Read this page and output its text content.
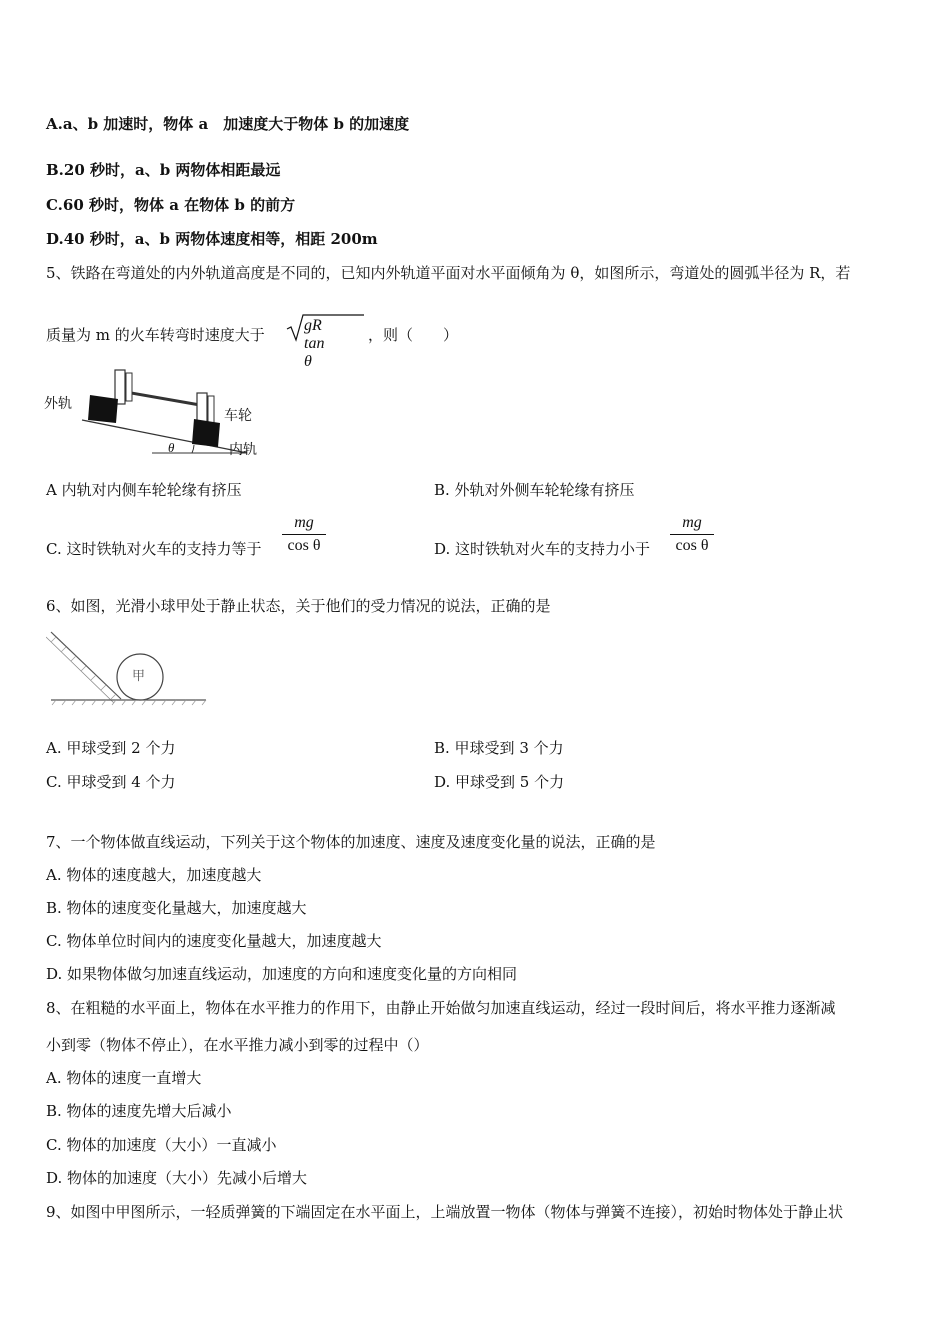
A.a、b 加速时，物体 a　加速度大于物体 b 的加速度
B.20 秒时，a、b 两物体相距最远
C.60 秒时，物体 a 在物体 b 的前方
D.40 秒时，a、b 两物体速度相等，相距 200m
5、铁路在弯道处的内外轨道高度是不同的，已知内外轨道平面对水平面倾角为 θ，如图所示，弯道处的圆弧半径为 R，若
质量为 m 的火车转弯时速度大于
gR tan θ
，则（　　）
外轨
车轮
内轨
θ
A 内轨对内侧车轮轮缘有挤压	B. 外轨对外侧车轮轮缘有挤压
C. 这时铁轨对火车的支持力等于
mg
cos θ	D. 这时铁轨对火车的支持力小于
mg
cos θ
6、如图，光滑小球甲处于静止状态，关于他们的受力情况的说法，正确的是
甲
A. 甲球受到 2 个力	B. 甲球受到 3 个力
C. 甲球受到 4 个力	D. 甲球受到 5 个力
7、一个物体做直线运动，下列关于这个物体的加速度、速度及速度变化量的说法，正确的是
A. 物体的速度越大，加速度越大
B. 物体的速度变化量越大，加速度越大
C. 物体单位时间内的速度变化量越大，加速度越大
D. 如果物体做匀加速直线运动，加速度的方向和速度变化量的方向相同
8、在粗糙的水平面上，物体在水平推力的作用下，由静止开始做匀加速直线运动，经过一段时间后，将水平推力逐渐减
小到零（物体不停止），在水平推力减小到零的过程中（）
A. 物体的速度一直增大
B. 物体的速度先增大后减小
C. 物体的加速度（大小）一直减小
D. 物体的加速度（大小）先减小后增大
9、如图中甲图所示，一轻质弹簧的下端固定在水平面上，上端放置一物体（物体与弹簧不连接），初始时物体处于静止状
